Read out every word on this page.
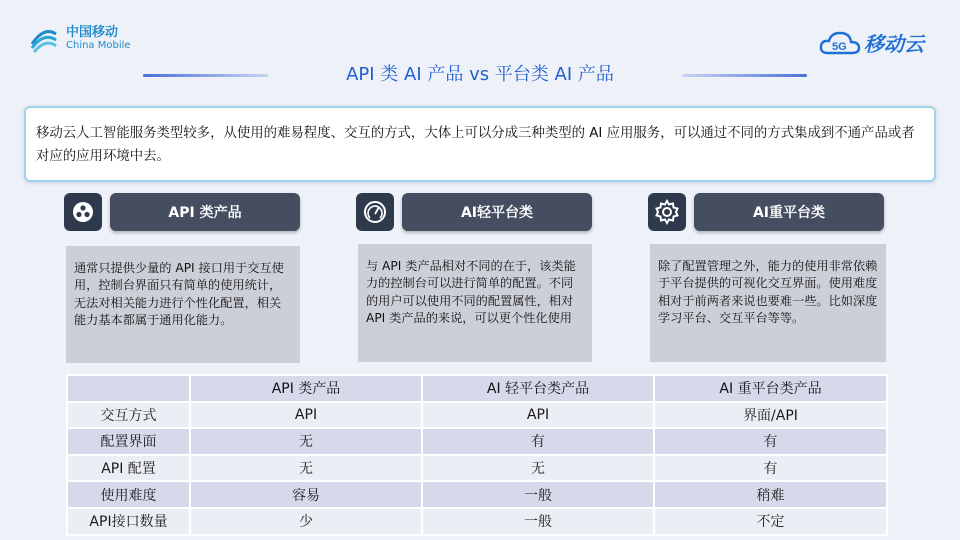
中国移动
China Mobile	5G 移动云
API 类 AI 产品 vs 平台类 AI 产品
移动云人工智能服务类型较多，从使用的难易程度、交互的方式，大体上可以分成三种类型的 AI 应用服务，可以通过不同的方式集成到不通产品或者对应的应用环境中去。
API 类产品
通常只提供少量的 API 接口用于交互使用，控制台界面只有简单的使用统计，无法对相关能力进行个性化配置，相关能力基本都属于通用化能力。
AI轻平台类
与 API 类产品相对不同的在于，该类能力的控制台可以进行简单的配置。不同的用户可以使用不同的配置属性，相对 API 类产品的来说，可以更个性化使用
AI重平台类
除了配置管理之外，能力的使用非常依赖于平台提供的可视化交互界面。使用难度相对于前两者来说也要难一些。比如深度学习平台、交互平台等等。
	API 类产品	AI 轻平台类产品	AI 重平台类产品
交互方式	API	API	界面/API
配置界面	无	有	有
API 配置	无	无	有
使用难度	容易	一般	稍难
API接口数量	少	一般	不定
